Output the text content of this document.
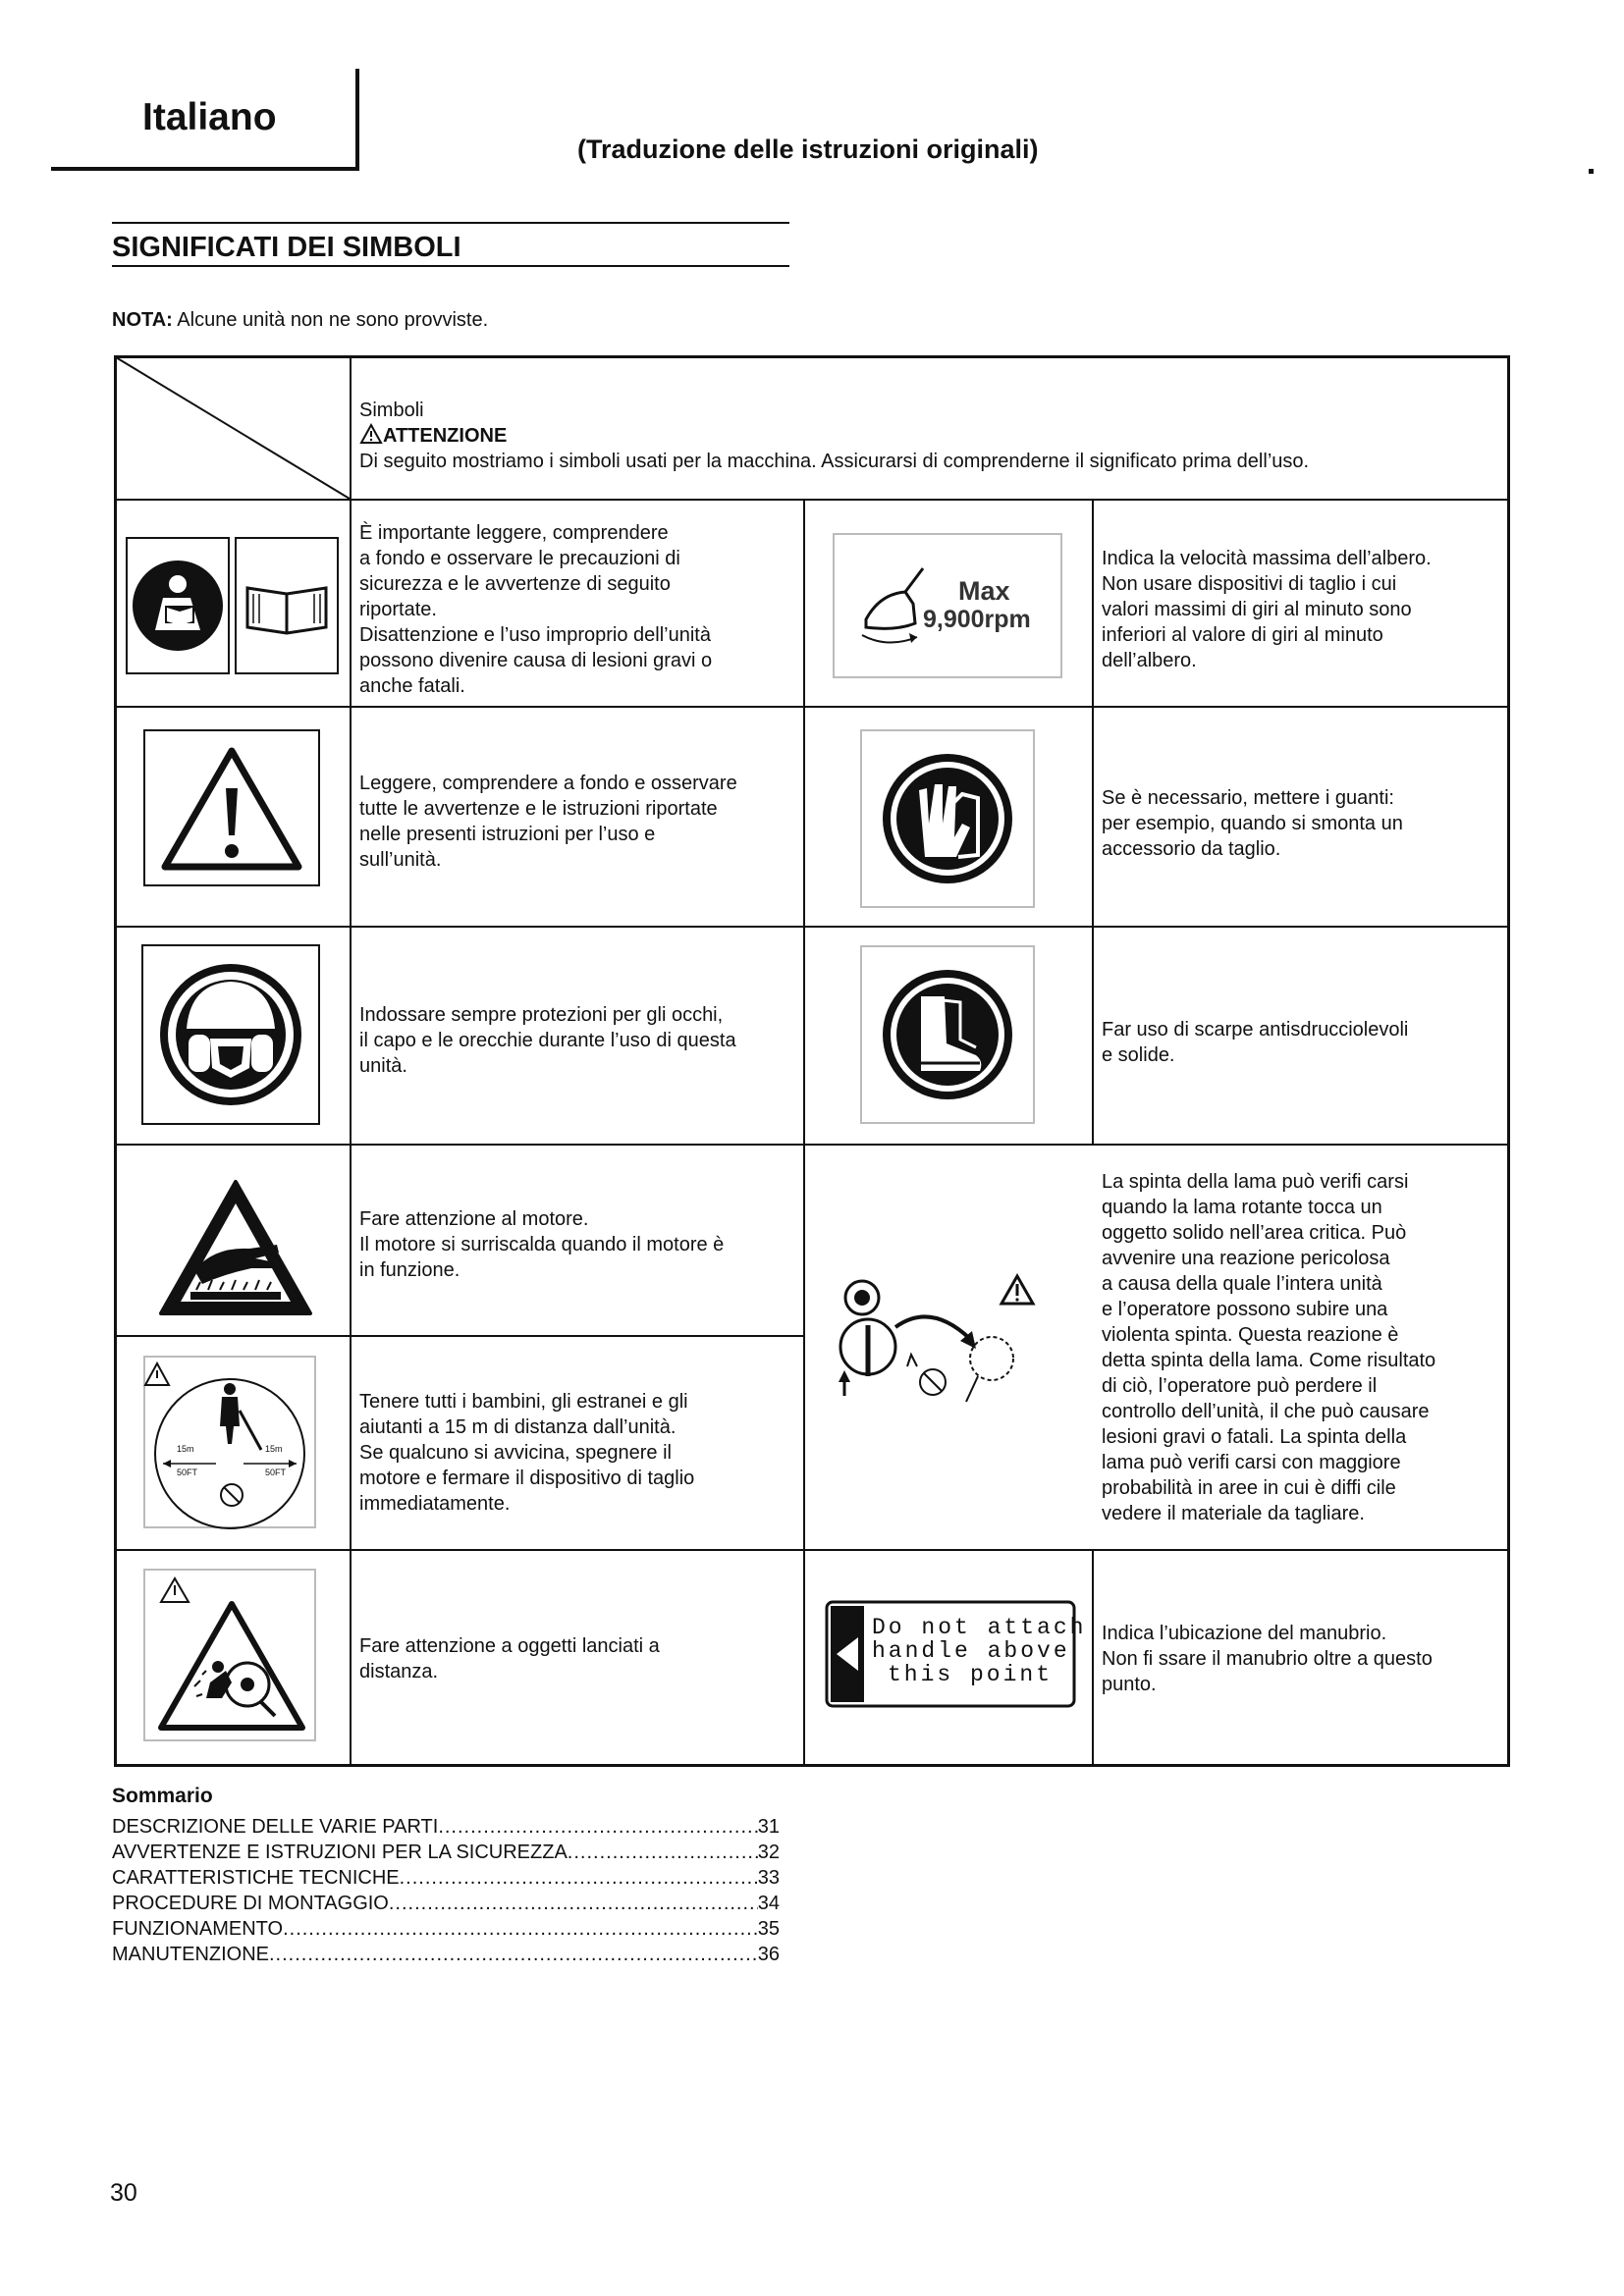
Italiano
(Traduzione delle istruzioni originali)
SIGNIFICATI DEI SIMBOLI
NOTA: Alcune unità non ne sono provviste.
Simboli
ATTENZIONE
Di seguito mostriamo i simboli usati per la macchina. Assicurarsi di comprenderne il significato prima dell’uso.
È importante leggere, comprendere
a fondo e osservare le precauzioni di
sicurezza e le avvertenze di seguito
riportate.
Disattenzione e l’uso improprio dell’unità
possono divenire causa di lesioni gravi o
anche fatali.
Max
9,900rpm
Indica la velocità massima dell’albero.
Non usare dispositivi di taglio i cui
valori massimi di giri al minuto sono
inferiori al valore di giri al minuto
dell’albero.
Leggere, comprendere a fondo e osservare
tutte le avvertenze e le istruzioni riportate
nelle presenti istruzioni per l’uso e
sull’unità.
Se è necessario, mettere i guanti:
per esempio, quando si smonta un
accessorio da taglio.
Indossare sempre protezioni per gli occhi,
il capo e le orecchie durante l’uso di questa
unità.
Far uso di scarpe antisdrucciolevoli
e solide.
Fare attenzione al motore.
Il motore si surriscalda quando il motore è
in funzione.
15m
50FT
15m
50FT
Tenere tutti i bambini, gli estranei e gli
aiutanti a 15 m di distanza dall’unità.
Se qualcuno si avvicina, spegnere il
motore e fermare il dispositivo di taglio
immediatamente.
La spinta della lama può verifi carsi
quando la lama rotante tocca un
oggetto solido nell’area critica. Può
avvenire una reazione pericolosa
a causa della quale l’intera unità
e l’operatore possono subire una
violenta spinta. Questa reazione è
detta spinta della lama. Come risultato
di ciò, l’operatore può perdere il
controllo dell’unità, il che può causare
lesioni gravi o fatali. La spinta della
lama può verifi carsi con maggiore
probabilità in aree in cui è diffi cile
vedere il materiale da tagliare.
Fare attenzione a oggetti lanciati a
distanza.
Do not attach
handle above
this point
Indica l’ubicazione del manubrio.
Non fi ssare il manubrio oltre a questo
punto.
Sommario
DESCRIZIONE DELLE VARIE PARTI .....	31
AVVERTENZE E ISTRUZIONI PER LA SICUREZZA .....	32
CARATTERISTICHE TECNICHE .....	33
PROCEDURE DI MONTAGGIO .....	34
FUNZIONAMENTO .....	35
MANUTENZIONE .....	36
30
